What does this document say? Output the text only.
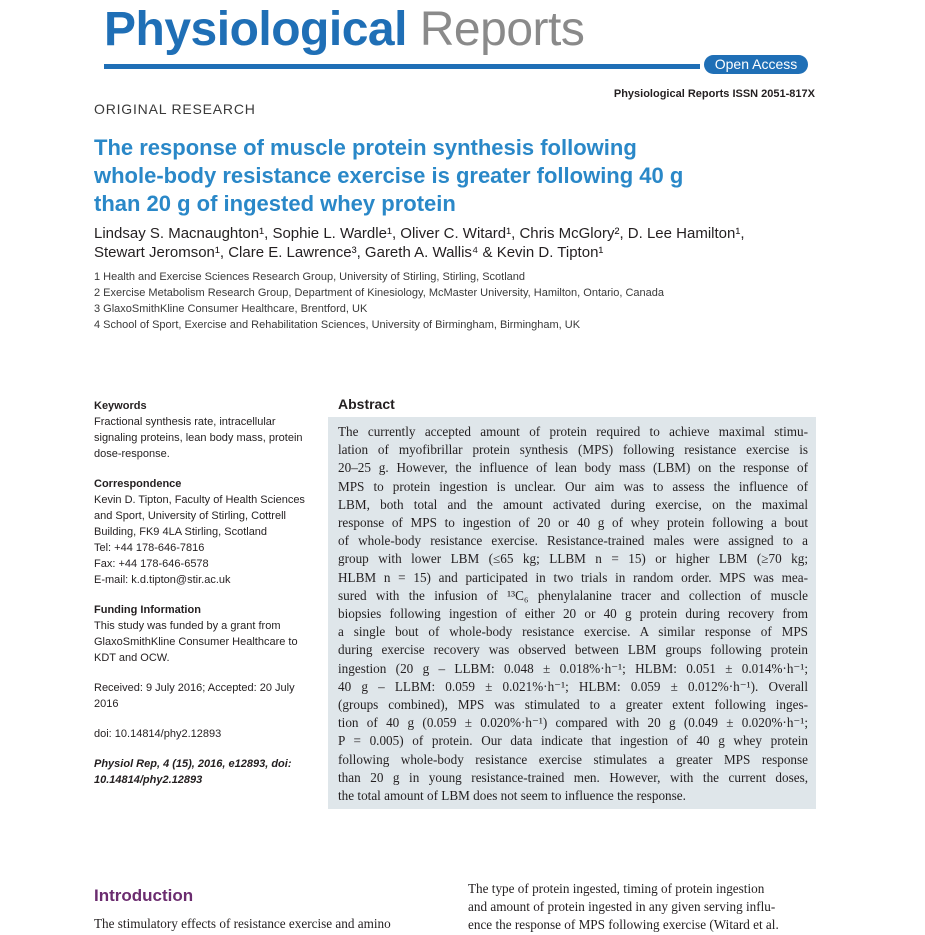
Physiological Reports
Open Access
Physiological Reports ISSN 2051-817X
ORIGINAL RESEARCH
The response of muscle protein synthesis following
whole-body resistance exercise is greater following 40 g
than 20 g of ingested whey protein
Lindsay S. Macnaughton¹, Sophie L. Wardle¹, Oliver C. Witard¹, Chris McGlory², D. Lee Hamilton¹,
Stewart Jeromson¹, Clare E. Lawrence³, Gareth A. Wallis⁴ & Kevin D. Tipton¹
1 Health and Exercise Sciences Research Group, University of Stirling, Stirling, Scotland
2 Exercise Metabolism Research Group, Department of Kinesiology, McMaster University, Hamilton, Ontario, Canada
3 GlaxoSmithKline Consumer Healthcare, Brentford, UK
4 School of Sport, Exercise and Rehabilitation Sciences, University of Birmingham, Birmingham, UK
Keywords
Fractional synthesis rate, intracellular
signaling proteins, lean body mass, protein
dose-response.
Correspondence
Kevin D. Tipton, Faculty of Health Sciences
and Sport, University of Stirling, Cottrell
Building, FK9 4LA Stirling, Scotland
Tel: +44 178-646-7816
Fax: +44 178-646-6578
E-mail: k.d.tipton@stir.ac.uk
Funding Information
This study was funded by a grant from
GlaxoSmithKline Consumer Healthcare to
KDT and OCW.
Received: 9 July 2016; Accepted: 20 July
2016
doi: 10.14814/phy2.12893
Physiol Rep, 4 (15), 2016, e12893, doi:
10.14814/phy2.12893
Abstract
The currently accepted amount of protein required to achieve maximal stimu-
lation of myofibrillar protein synthesis (MPS) following resistance exercise is
20–25 g. However, the influence of lean body mass (LBM) on the response of
MPS to protein ingestion is unclear. Our aim was to assess the influence of
LBM, both total and the amount activated during exercise, on the maximal
response of MPS to ingestion of 20 or 40 g of whey protein following a bout
of whole-body resistance exercise. Resistance-trained males were assigned to a
group with lower LBM (≤65 kg; LLBM n = 15) or higher LBM (≥70 kg;
HLBM n = 15) and participated in two trials in random order. MPS was mea-
sured with the infusion of ¹³C₆ phenylalanine tracer and collection of muscle
biopsies following ingestion of either 20 or 40 g protein during recovery from
a single bout of whole-body resistance exercise. A similar response of MPS
during exercise recovery was observed between LBM groups following protein
ingestion (20 g – LLBM: 0.048 ± 0.018%·h⁻¹; HLBM: 0.051 ± 0.014%·h⁻¹;
40 g – LLBM: 0.059 ± 0.021%·h⁻¹; HLBM: 0.059 ± 0.012%·h⁻¹). Overall
(groups combined), MPS was stimulated to a greater extent following inges-
tion of 40 g (0.059 ± 0.020%·h⁻¹) compared with 20 g (0.049 ± 0.020%·h⁻¹;
P = 0.005) of protein. Our data indicate that ingestion of 40 g whey protein
following whole-body resistance exercise stimulates a greater MPS response
than 20 g in young resistance-trained men. However, with the current doses,
the total amount of LBM does not seem to influence the response.
Introduction
The stimulatory effects of resistance exercise and amino
The type of protein ingested, timing of protein ingestion
and amount of protein ingested in any given serving influ-
ence the response of MPS following exercise (Witard et al.
